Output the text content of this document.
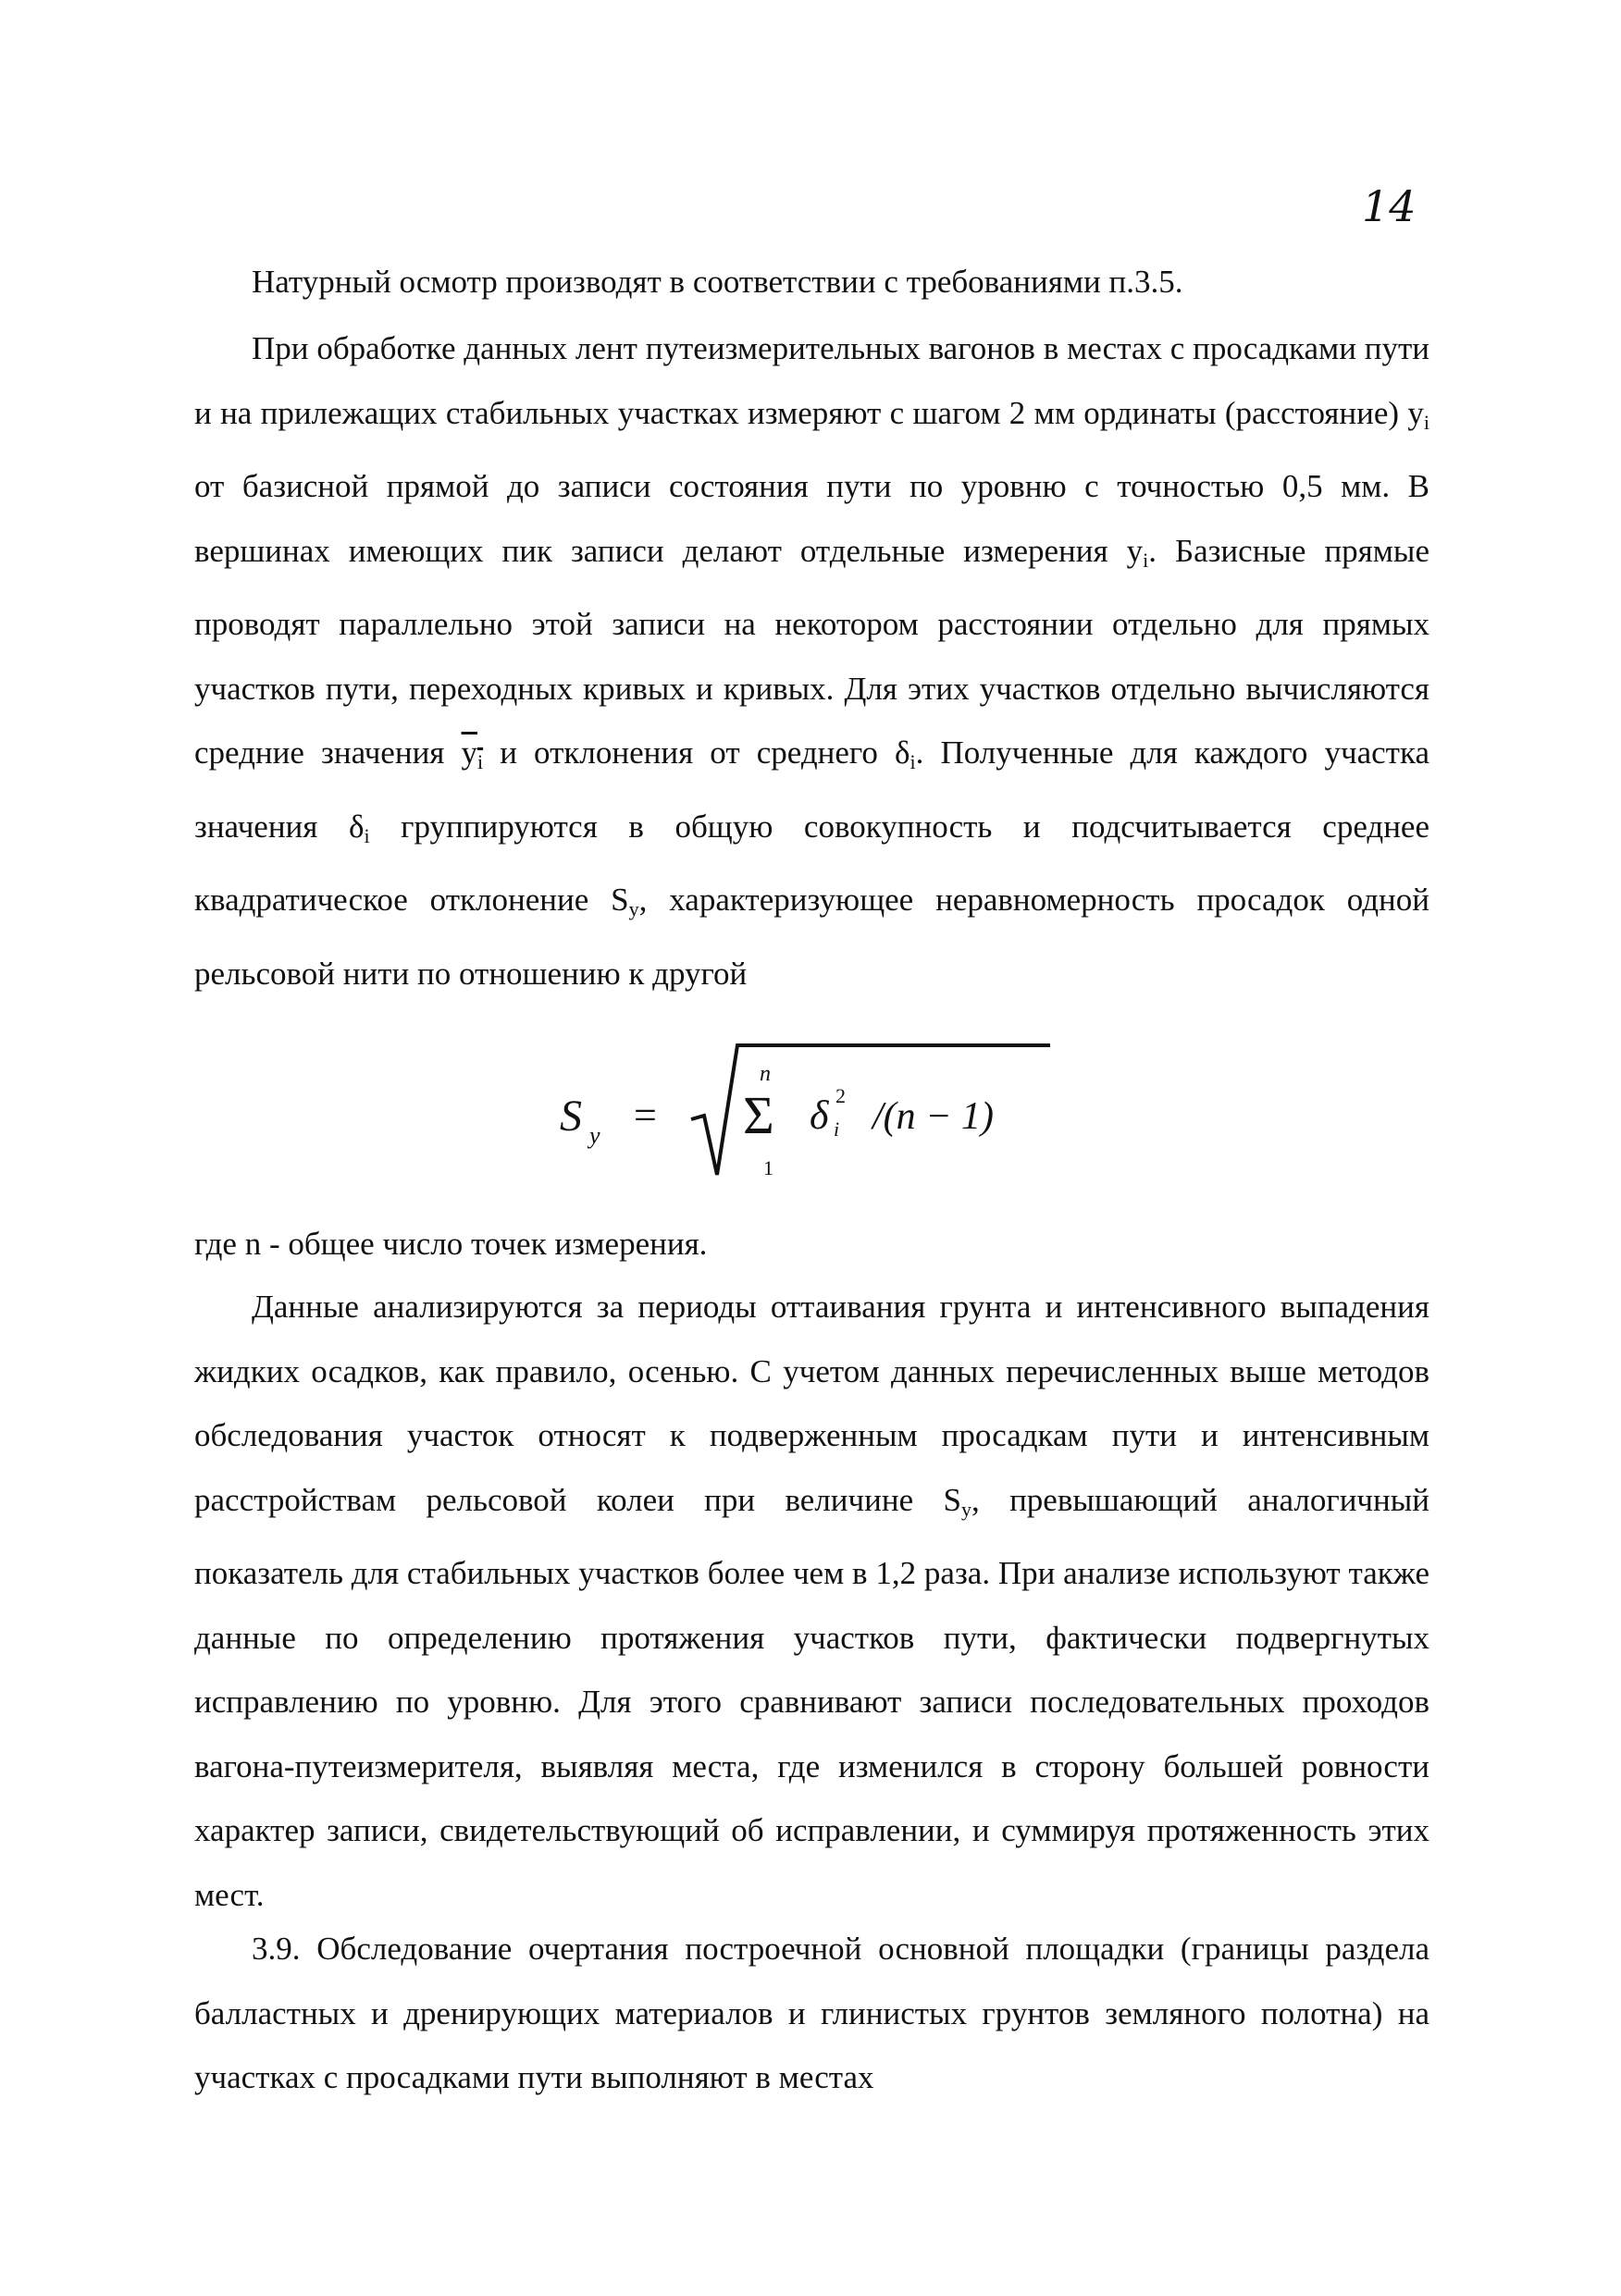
14

Натурный осмотр производят в соответствии с требованиями п.3.5.

При обработке данных лент путеизмерительных вагонов в местах с просадками пути и на прилежащих стабильных участках измеряют с шагом 2 мм ординаты (расстояние) $y_i$ от базисной прямой до записи состояния пути по уровню с точностью 0,5 мм. В вершинах имеющих пик записи делают отдельные измерения $y_i$. Базисные прямые проводят параллельно этой записи на некотором расстоянии отдельно для прямых участков пути, переходных кривых и кривых. Для этих участков отдельно вычисляются средние значения $y_i$ и отклонения от среднего $\delta_i$. Полученные для каждого участка значения $\delta_i$ группируются в общую совокупность и подсчитывается среднее квадратическое отклонение $S_y$, характеризующее неравномерность просадок одной рельсовой нити по отношению к другой

S y =
n
Σ
1
δ i
2 /(n − 1)

где n - общее число точек измерения.

Данные анализируются за периоды оттаивания грунта и интенсивного выпадения жидких осадков, как правило, осенью. С учетом данных перечисленных выше методов обследования участок относят к подверженным просадкам пути и интенсивным расстройствам рельсовой колеи при величине $S_y$, превышающий аналогичный показатель для стабильных участков более чем в 1,2 раза. При анализе используют также данные по определению протяжения участков пути, фактически подвергнутых исправлению по уровню. Для этого сравнивают записи последовательных проходов вагона-путеизмерителя, выявляя места, где изменился в сторону большей ровности характер записи, свидетельствующий об исправлении, и суммируя протяженность этих мест.

3.9. Обследование очертания построечной основной площадки (границы раздела балластных и дренирующих материалов и глинистых грунтов земляного полотна) на участках с просадками пути выполняют в местах
